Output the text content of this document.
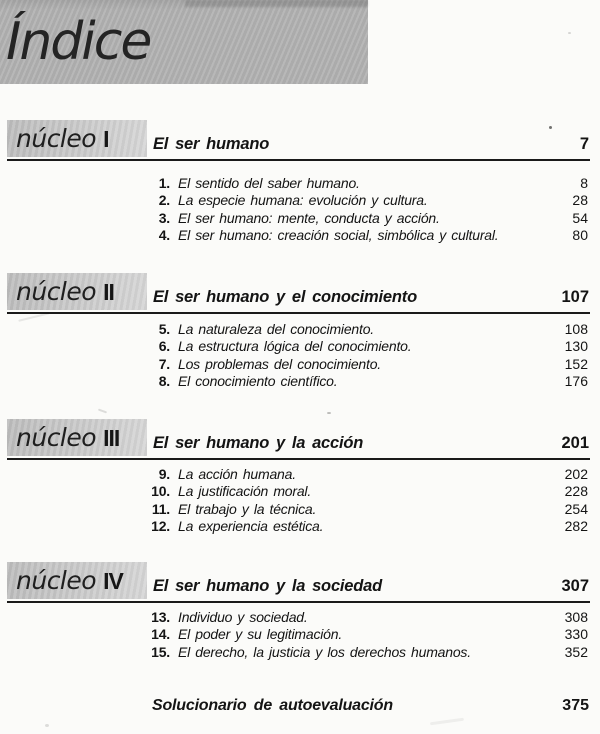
Índice
núcleo I	El ser humano	7
1. El sentido del saber humano.	8
2. La especie humana: evolución y cultura.	28
3. El ser humano: mente, conducta y acción.	54
4. El ser humano: creación social, simbólica y cultural.	80
núcleo II El ser humano y el conocimiento	107
5. La naturaleza del conocimiento.	108
6. La estructura lógica del conocimiento.	130
7. Los problemas del conocimiento.	152
8. El conocimiento científico.	176
núcleo III El ser humano y la acción	201
9. La acción humana.	202
10. La justificación moral.	228
11. El trabajo y la técnica.	254
12. La experiencia estética.	282
núcleo IV El ser humano y la sociedad	307
13. Individuo y sociedad.	308
14. El poder y su legitimación.	330
15. El derecho, la justicia y los derechos humanos.	352
Solucionario de autoevaluación	375
